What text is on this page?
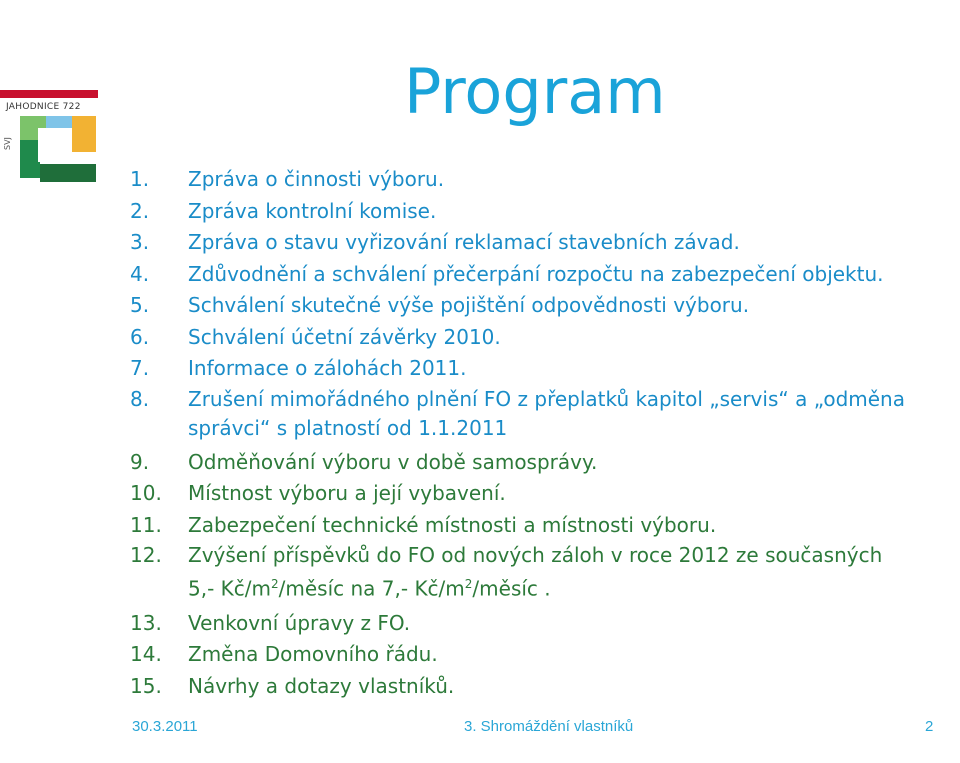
JAHODNICE 722
SVJ
Program
1.	Zpráva o činnosti výboru.
2.	Zpráva kontrolní komise.
3.	Zpráva o stavu vyřizování reklamací stavebních závad.
4.	Zdůvodnění a schválení přečerpání rozpočtu na zabezpečení objektu.
5.	Schválení skutečné výše pojištění odpovědnosti výboru.
6.	Schválení účetní závěrky 2010.
7.	Informace o zálohách 2011.
8.	Zrušení mimořádného plnění FO z přeplatků kapitol „servis“ a „odměna
správci“ s platností od 1.1.2011
9.	Odměňování výboru v době samosprávy.
10.	Místnost výboru a její vybavení.
11.	Zabezpečení technické místnosti a místnosti výboru.
12.	Zvýšení příspěvků do FO od nových záloh v roce 2012 ze současných
5,- $Kč/m^2$/měsíc na 7,- $Kč/m^2$/měsíc .
13.	Venkovní úpravy z FO.
14.	Změna Domovního řádu.
15.	Návrhy a dotazy vlastníků.
30.3.2011	3. Shromáždění vlastníků	2
